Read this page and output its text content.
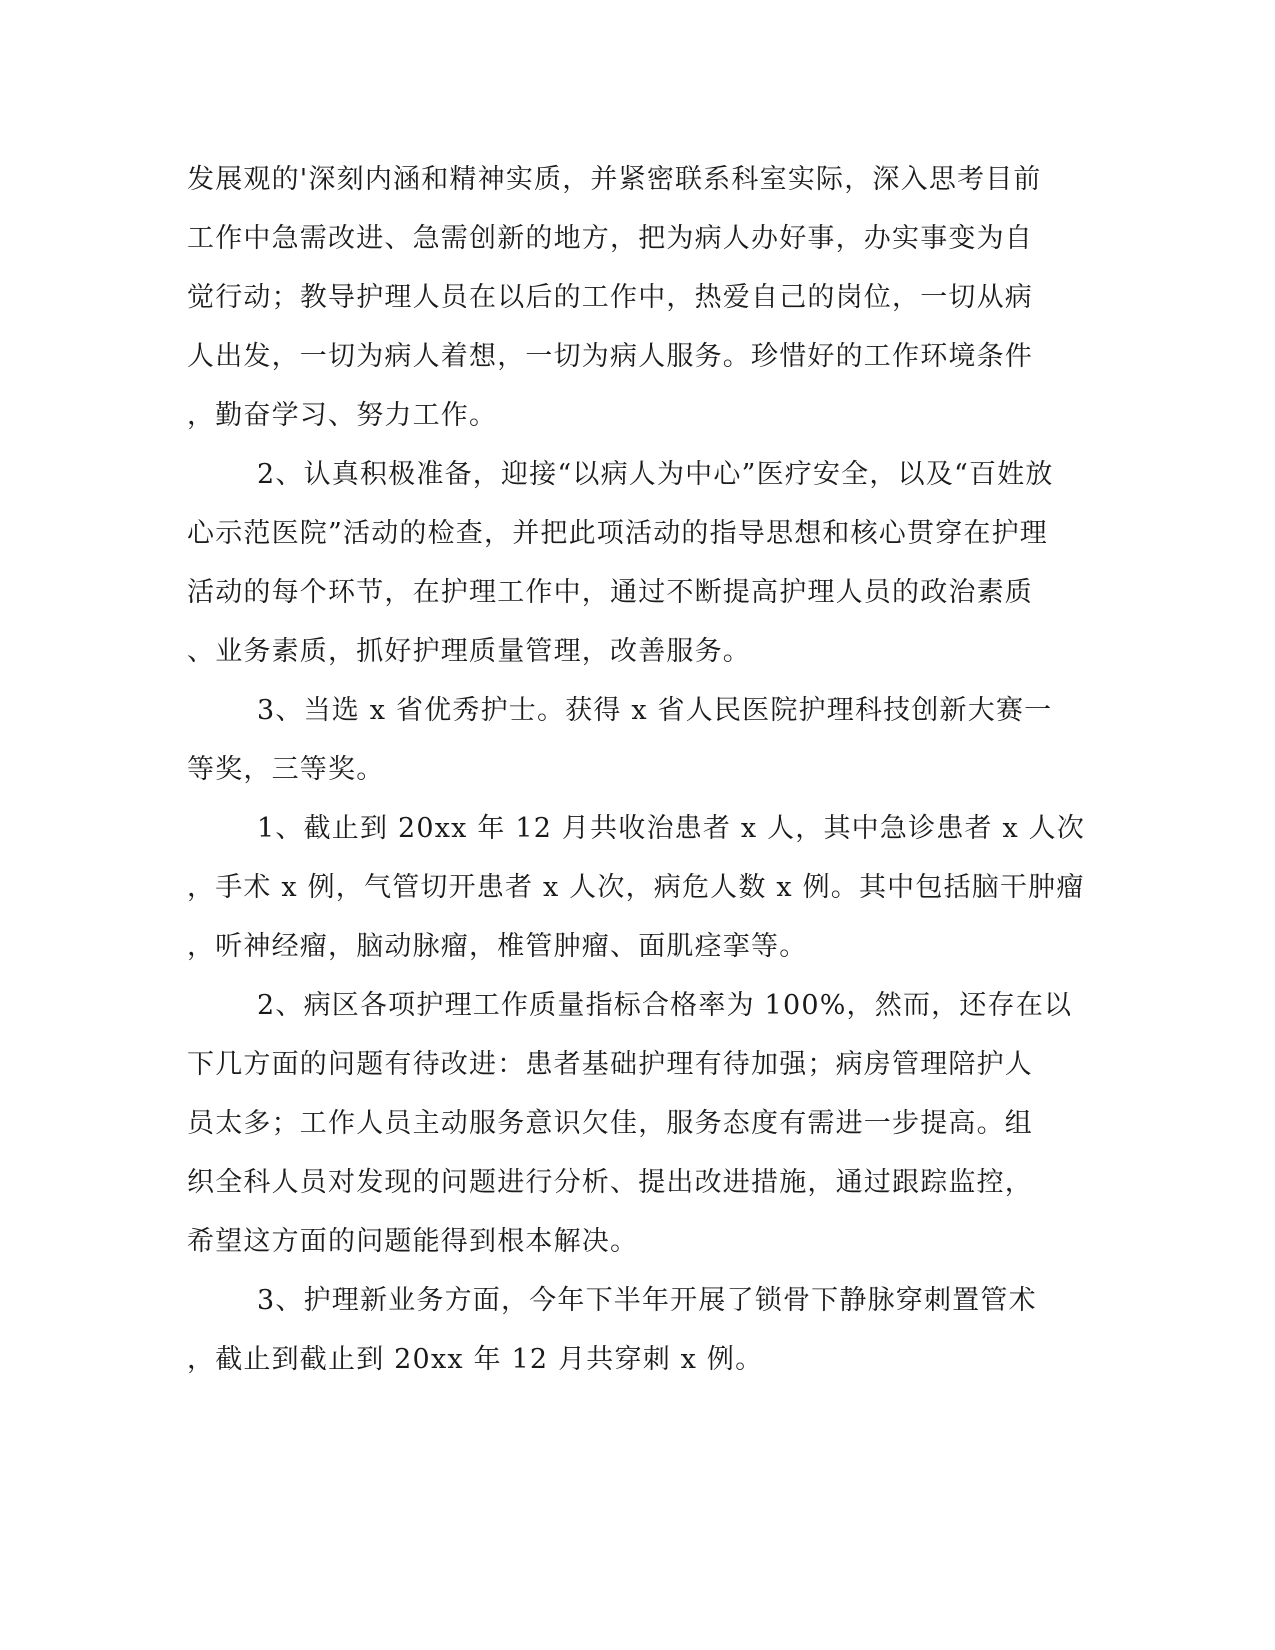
发展观的'深刻内涵和精神实质，并紧密联系科室实际，深入思考目前
工作中急需改进、急需创新的地方，把为病人办好事，办实事变为自
觉行动；教导护理人员在以后的工作中，热爱自己的岗位，一切从病
人出发，一切为病人着想，一切为病人服务。珍惜好的工作环境条件
，勤奋学习、努力工作。
2、认真积极准备，迎接“以病人为中心”医疗安全，以及“百姓放
心示范医院”活动的检查，并把此项活动的指导思想和核心贯穿在护理
活动的每个环节，在护理工作中，通过不断提高护理人员的政治素质
、业务素质，抓好护理质量管理，改善服务。
3、当选 x 省优秀护士。获得 x 省人民医院护理科技创新大赛一
等奖，三等奖。
1、截止到 20xx 年 12 月共收治患者 x 人，其中急诊患者 x 人次
，手术 x 例，气管切开患者 x 人次，病危人数 x 例。其中包括脑干肿瘤
，听神经瘤，脑动脉瘤，椎管肿瘤、面肌痉挛等。
2、病区各项护理工作质量指标合格率为 100%，然而，还存在以
下几方面的问题有待改进：患者基础护理有待加强；病房管理陪护人
员太多；工作人员主动服务意识欠佳，服务态度有需进一步提高。组
织全科人员对发现的问题进行分析、提出改进措施，通过跟踪监控，
希望这方面的问题能得到根本解决。
3、护理新业务方面，今年下半年开展了锁骨下静脉穿刺置管术
，截止到截止到 20xx 年 12 月共穿刺 x 例。
